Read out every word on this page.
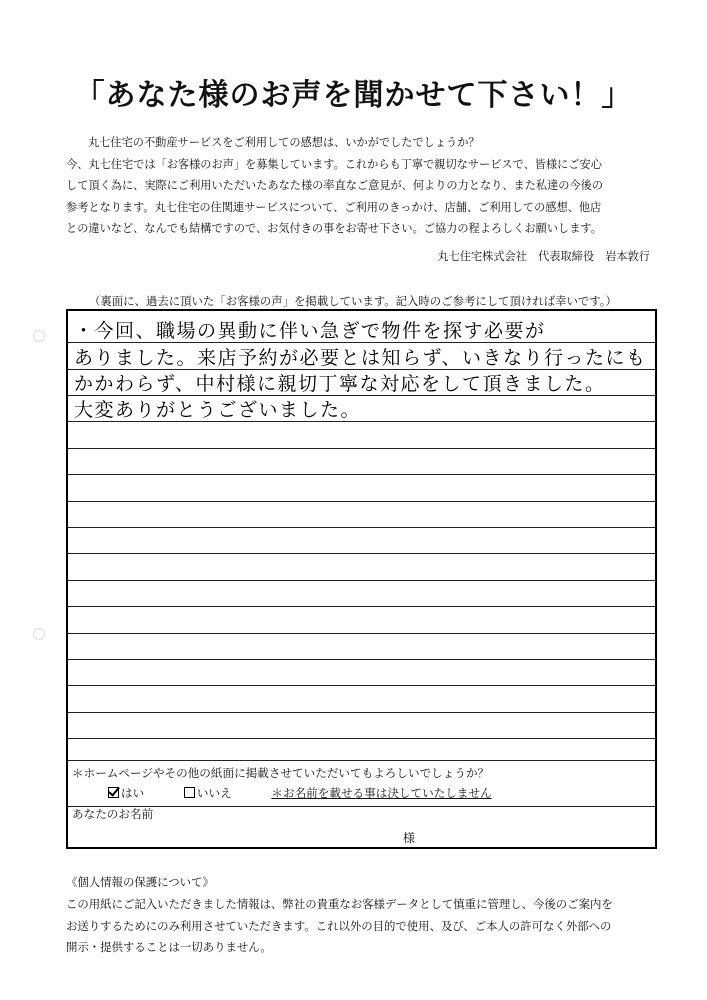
「あなた様のお声を聞かせて下さい！」

丸七住宅の不動産サービスをご利用しての感想は、いかがでしたでしょうか？

今、丸七住宅では「お客様のお声」を募集しています。これからも丁寧で親切なサービスで、皆様にご安心

して頂く為に、実際にご利用いただいたあなた様の率直なご意見が、何よりの力となり、また私達の今後の

参考となります。丸七住宅の住関連サービスについて、ご利用のきっかけ、店舗、ご利用しての感想、他店

との違いなど、なんでも結構ですので、お気付きの事をお寄せ下さい。ご協力の程よろしくお願いします。

丸七住宅株式会社　代表取締役　岩本敦行
（裏面に、過去に頂いた「お客様の声」を掲載しています。記入時のご参考にして頂ければ幸いです。）
・今回、職場の異動に伴い急ぎで物件を探す必要が
ありました。来店予約が必要とは知らず、いきなり行ったにも
かかわらず、中村様に親切丁寧な対応をして頂きました。
大変ありがとうございました。
＊ホームページやその他の紙面に掲載させていただいてもよろしいでしょうか？
はい	いいえ	＊お名前を載せる事は決していたしません
あなたのお名前
様
《個人情報の保護について》

この用紙にご記入いただきました情報は、弊社の貴重なお客様データとして慎重に管理し、今後のご案内を

お送りするためにのみ利用させていただきます。これ以外の目的で使用、及び、ご本人の許可なく外部への

開示・提供することは一切ありません。
